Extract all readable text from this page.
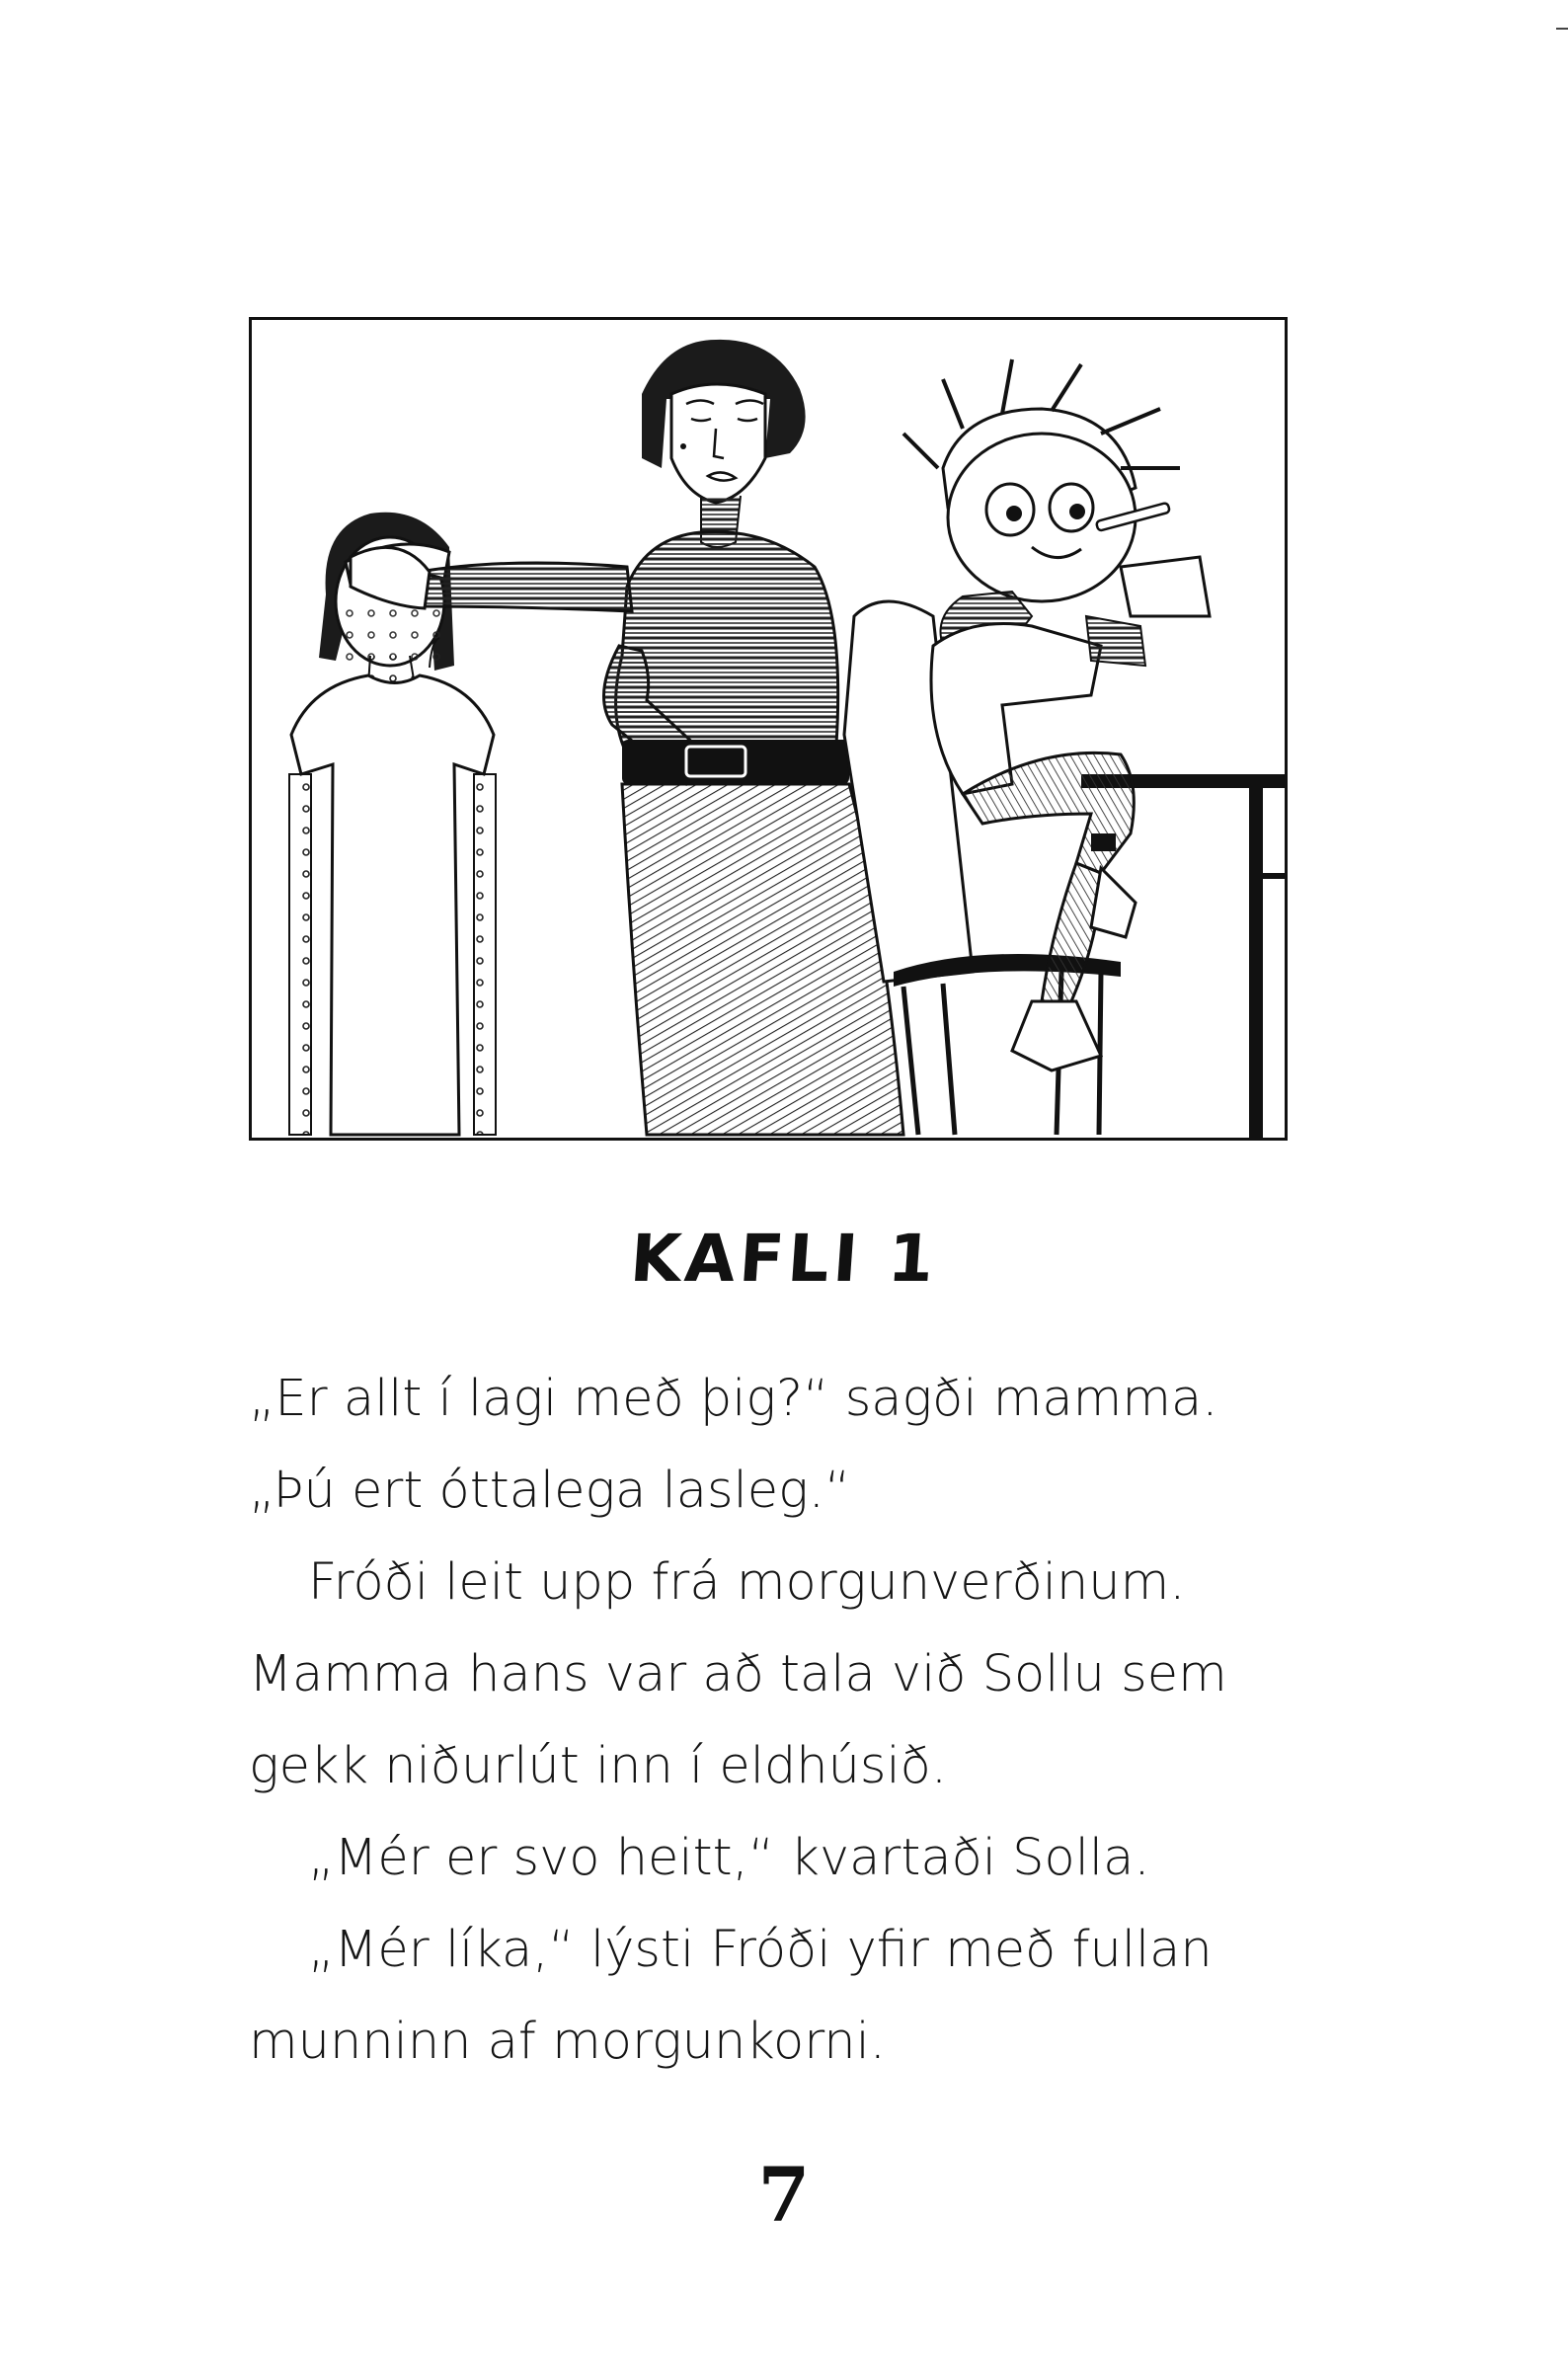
KAFLI 1

„Er allt í lagi með þig?“ sagði mamma. „Þú ert óttalega lasleg.“

Fróði leit upp frá morgunverðinum. Mamma hans var að tala við Sollu sem gekk niðurlút inn í eldhúsið.

„Mér er svo heitt,“ kvartaði Solla.

„Mér líka,“ lýsti Fróði yfir með fullan munninn af morgunkorni.

7
